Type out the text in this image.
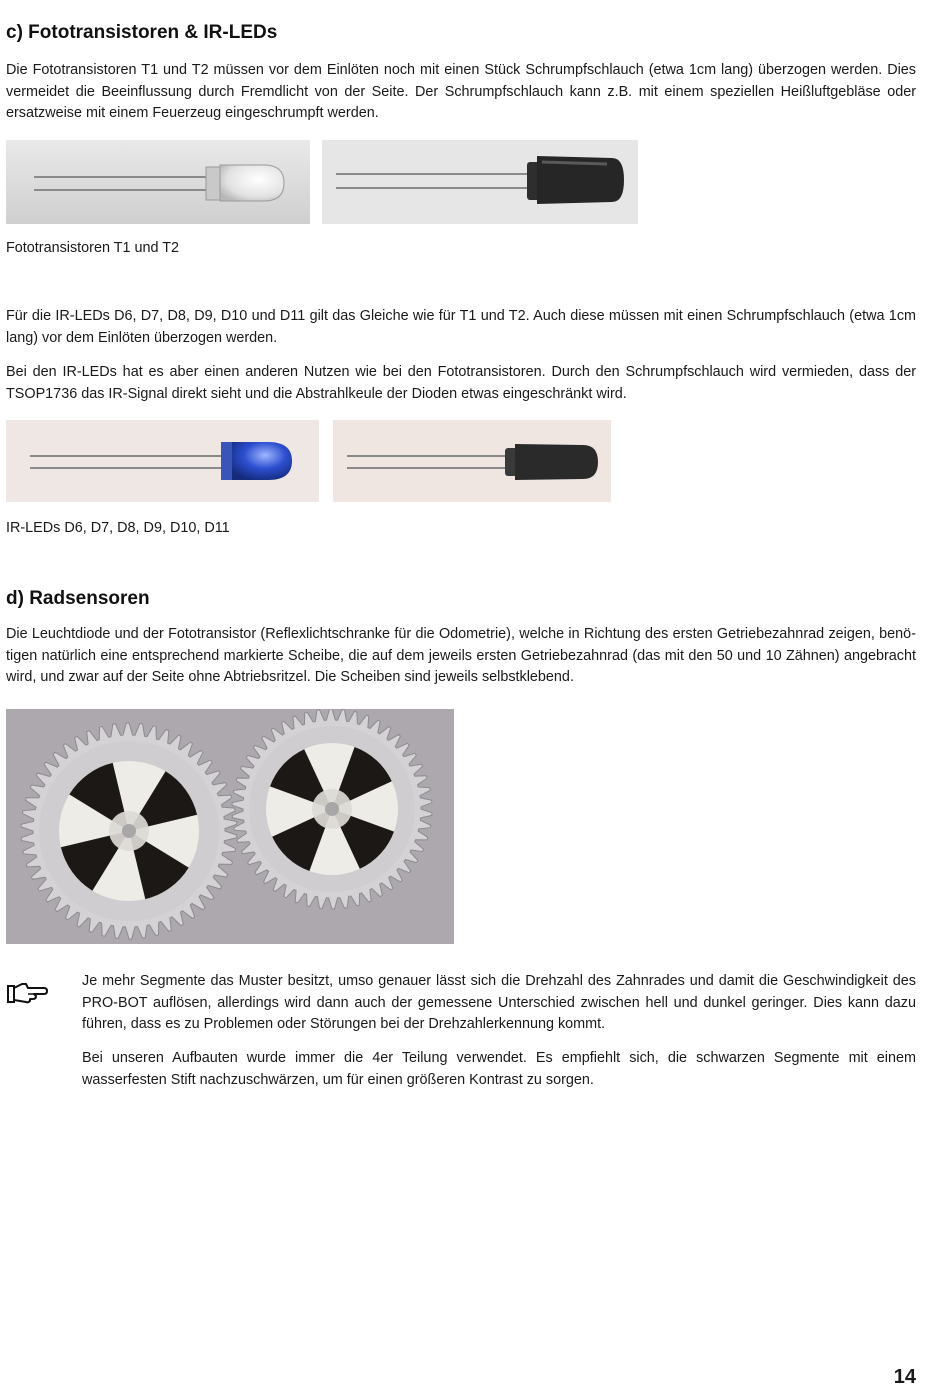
c) Fototransistoren & IR-LEDs

Die Fototransistoren T1 und T2 müssen vor dem Einlöten noch mit einen Stück Schrumpfschlauch (etwa 1cm lang) überzogen werden. Dies vermeidet die Beeinflussung durch Fremdlicht von der Seite. Der Schrumpfschlauch kann z.B. mit einem speziellen Heißluftgebläse oder ersatzweise mit einem Feuerzeug eingeschrumpft werden.

Fototransistoren T1 und T2

Für die IR-LEDs D6, D7, D8, D9, D10 und D11 gilt das Gleiche wie für T1 und T2. Auch diese müssen mit einen Schrumpfschlauch (etwa 1cm lang) vor dem Einlöten überzogen werden.

Bei den IR-LEDs hat es aber einen anderen Nutzen wie bei den Fototransistoren. Durch den Schrumpfschlauch wird vermieden, dass der TSOP1736 das IR-Signal direkt sieht und die Abstrahlkeule der Dioden etwas eingeschränkt wird.

IR-LEDs D6, D7, D8, D9, D10, D11

d) Radsensoren

Die Leuchtdiode und der Fototransistor (Reflexlichtschranke für die Odometrie), welche in Richtung des ersten Getriebezahnrad zeigen, benötigen natürlich eine entsprechend markierte Scheibe, die auf dem jeweils ersten Getriebezahnrad (das mit den 50 und 10 Zähnen) angebracht wird, und zwar auf der Seite ohne Abtriebsritzel. Die Scheiben sind jeweils selbstklebend.

Je mehr Segmente das Muster besitzt, umso genauer lässt sich die Drehzahl des Zahnrades und damit die Geschwindigkeit des PRO-BOT auflösen, allerdings wird dann auch der gemessene Unterschied zwischen hell und dunkel geringer. Dies kann dazu führen, dass es zu Problemen oder Störungen bei der Drehzahlerkennung kommt.

Bei unseren Aufbauten wurde immer die 4er Teilung verwendet. Es empfiehlt sich, die schwarzen Segmente mit einem wasserfesten Stift nachzuschwärzen, um für einen größeren Kontrast zu sorgen.

14
